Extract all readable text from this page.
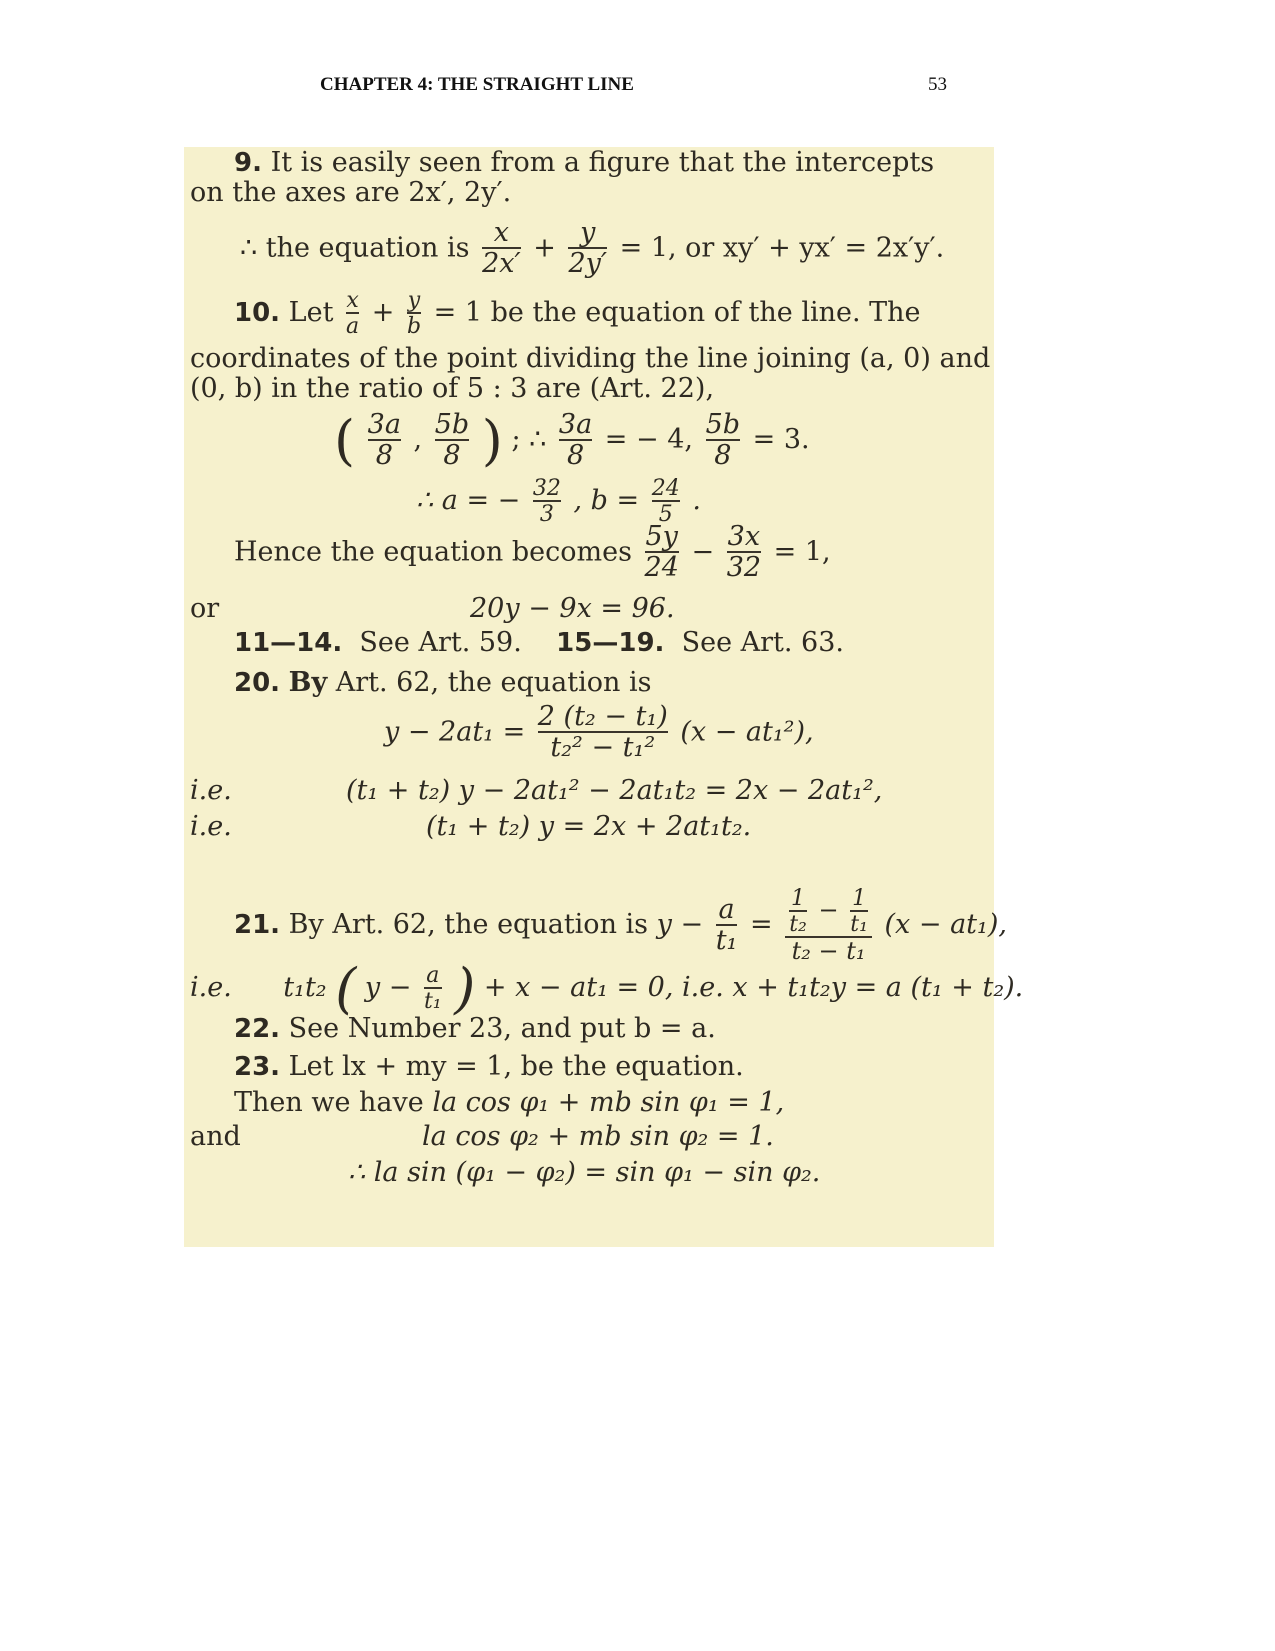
CHAPTER 4: THE STRAIGHT LINE	53
9. It is easily seen from a figure that the intercepts
on the axes are 2x′, 2y′.
∴ the equation is $\frac{x}{2x'} + \frac{y}{2y'} = 1$, or xy′ + yx′ = 2x′y′.
10. Let $\frac{x}{a} + \frac{y}{b} = 1$ be the equation of the line. The
coordinates of the point dividing the line joining (a, 0) and
(0, b) in the ratio of 5 : 3 are (Art. 22),
( $\frac{3a}{8}$ , $\frac{5b}{8}$ ) ; ∴ $\frac{3a}{8}$ = − 4, $\frac{5b}{8} = 3$.
∴ a = − $\frac{32}{3}$ , $b = \frac{24}{5}$ .
Hence the equation becomes $\frac{5y}{24} - \frac{3x}{32} = 1$,
or	20y − 9x = 96.
11—14. See Art. 59. 15—19. See Art. 63.
20. By Art. 62, the equation is
$y - 2at_1 = \frac{\text{2 (t₂ − t₁)}}{\text{t₂² − t₁²}} (x - at_1^2)$,
i.e.	(t₁ + t₂) y − 2at₁² − 2at₁t₂ = 2x − 2at₁²,
i.e.	(t₁ + t₂) y = 2x + 2at₁t₂.
21. By Art. 62, the equation is $y - \frac{a}{\text{t₁}} = \frac{\frac{1}{\text{t₂}} - \frac{1}{\text{t₁}}}{\text{t₂ − t₁}} (x - at_1)$,
i.e. t₁t₂ ( $y - \frac{a}{\text{t₁}}$ ) + x − at₁ = 0, i.e. x + t₁t₂y = a (t₁ + t₂).
22. See Number 23, and put b = a.
23. Let lx + my = 1, be the equation.
Then we have la cos φ₁ + mb sin φ₁ = 1,
and	la cos φ₂ + mb sin φ₂ = 1.
∴ la sin (φ₁ − φ₂) = sin φ₁ − sin φ₂.
